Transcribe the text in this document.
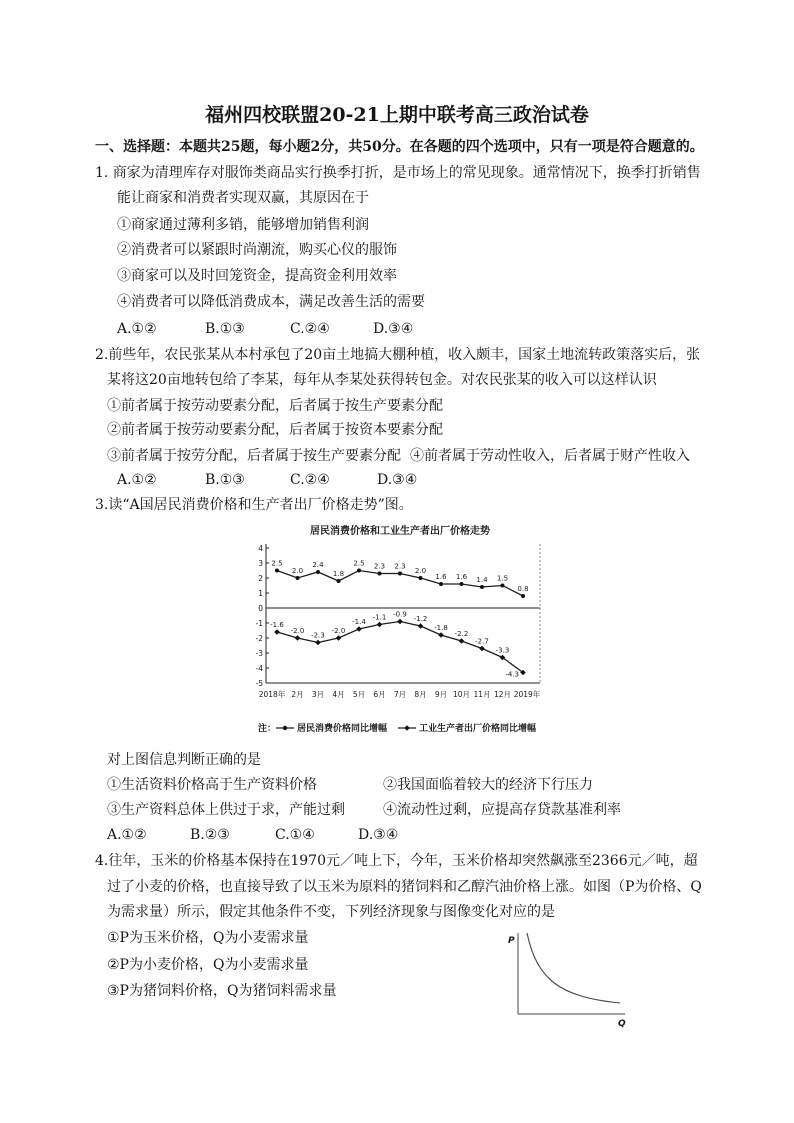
福州四校联盟20-21上期中联考高三政治试卷
一、选择题：本题共25题，每小题2分，共50分。在各题的四个选项中，只有一项是符合题意的。
1. 商家为清理库存对服饰类商品实行换季打折，是市场上的常见现象。通常情况下，换季打折销售
能让商家和消费者实现双赢，其原因在于
①商家通过薄利多销，能够增加销售利润
②消费者可以紧跟时尚潮流，购买心仪的服饰
③商家可以及时回笼资金，提高资金利用效率
④消费者可以降低消费成本，满足改善生活的需要
A.①②	B.①③	C.②④	D.③④
2.前些年，农民张某从本村承包了20亩土地搞大棚种植，收入颇丰，国家土地流转政策落实后，张
某将这20亩地转包给了李某，每年从李某处获得转包金。对农民张某的收入可以这样认识
①前者属于按劳动要素分配，后者属于按生产要素分配
②前者属于按劳动要素分配，后者属于按资本要素分配
③前者属于按劳分配，后者属于按生产要素分配 ④前者属于劳动性收入，后者属于财产性收入
A.①②	B.①③	C.②④	D.③④
3.读“A国居民消费价格和生产者出厂价格走势”图。
居民消费价格和工业生产者出厂价格走势
4
3
2
1
0
-1
-2
-3
-4
-5
2018年 2月 3月 4月 5月 6月 7月 8月 9月 10月 11月 12月 2019年
2.5
2.0
2.4
1.8
2.5 2.3 2.3
2.0
1.6 1.6 1.4 1.5
0.8
-1.6
-2.0
-2.3
-2.0
-1.4
-1.1 -0.9
-1.2
-1.8
-2.2
-2.7
-3.3
-4.3
注： 居民消费价格同比增幅	工业生产者出厂价格同比增幅
对上图信息判断正确的是
①生活资料价格高于生产资料价格	②我国面临着较大的经济下行压力
③生产资料总体上供过于求，产能过剩	④流动性过剩，应提高存贷款基准利率
A.①②	B.②③	C.①④	D.③④
4.往年，玉米的价格基本保持在1970元／吨上下，今年，玉米价格却突然飙涨至2366元／吨，超
过了小麦的价格，也直接导致了以玉米为原料的猪饲料和乙醇汽油价格上涨。如图（P为价格、Q
为需求量）所示，假定其他条件不变，下列经济现象与图像变化对应的是
①P为玉米价格，Q为小麦需求量
②P为小麦价格，Q为小麦需求量
③P为猪饲料价格，Q为猪饲料需求量
P
Q
